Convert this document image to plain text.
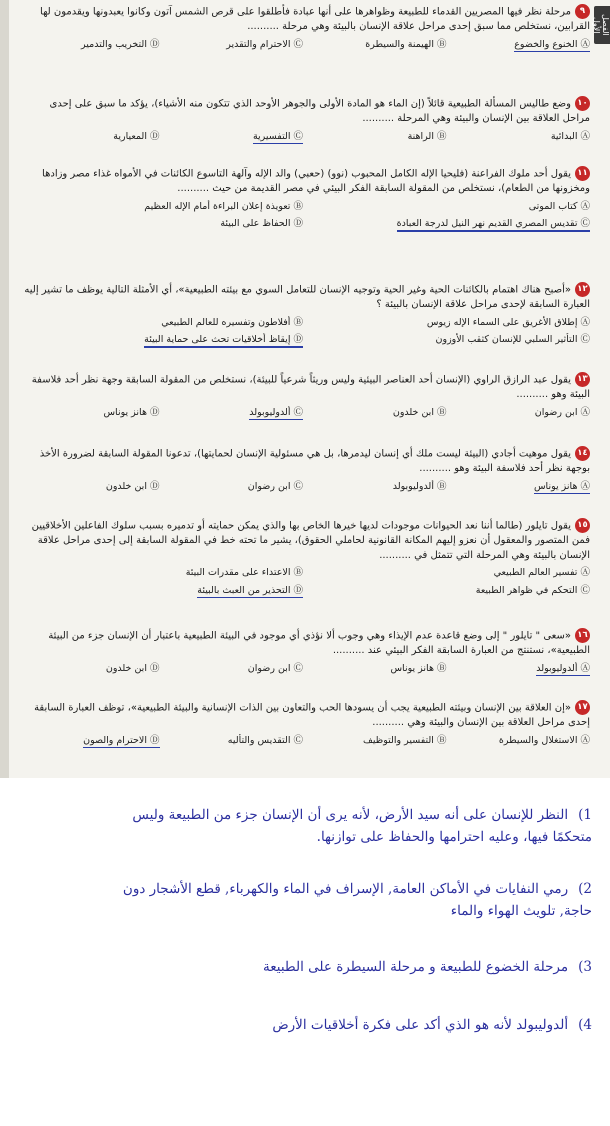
الفصل الأول
٩مرحلة نظر فيها المصريين القدماء للطبيعة وظواهرها على أنها عبادة فأطلقوا على قرص الشمس آتون وكانوا يعبدونها ويقدمون لها القرابين، نستخلص مما سبق إحدى مراحل علاقة الإنسان بالبيئة وهي مرحلة ..........
Ⓐ الخنوع والخضوع
Ⓑ الهيمنة والسيطرة
Ⓒ الاحترام والتقدير
Ⓓ التخريب والتدمير
١٠وضع طاليس المسألة الطبيعية قائلاً (إن الماء هو المادة الأولى والجوهر الأوحد الذي تتكون منه الأشياء)، يؤكد ما سبق على إحدى مراحل العلاقة بين الإنسان والبيئة وهي المرحلة ..........
Ⓐ البدائية
Ⓑ الراهنة
Ⓒ التفسيرية
Ⓓ المعيارية
١١يقول أحد ملوك الفراعنة (فليحيا الإله الكامل المحبوب (نوو) (حعبي) والد الإله وآلهة التاسوع الكائنات في الأمواه غذاء مصر وزادها ومخزونها من الطعام)، نستخلص من المقولة السابقة الفكر البيئي في مصر القديمة من حيث ..........
Ⓐ كتاب الموتى
Ⓑ تعويذة إعلان البراءة أمام الإله العظيم
Ⓒ تقديس المصري القديم نهر النيل لدرجة العبادة
Ⓓ الحفاظ على البيئة
١٢«أصبح هناك اهتمام بالكائنات الحية وغير الحية وتوجيه الإنسان للتعامل السوي مع بيئته الطبيعية»، أي الأمثلة التالية يوظف ما تشير إليه العبارة السابقة لإحدى مراحل علاقة الإنسان بالبيئة ؟
Ⓐ إطلاق الأغريق على السماء الإله زيوس
Ⓑ أفلاطون وتفسيره للعالم الطبيعي
Ⓒ التأثير السلبي للإنسان كثقب الأوزون
Ⓓ إيقاظ أخلاقيات تحث على حماية البيئة
١٣يقول عبد الرازق الراوي (الإنسان أحد العناصر البيئية وليس وريثاً شرعياً للبيئة)، نستخلص من المقولة السابقة وجهة نظر أحد فلاسفة البيئة وهو ..........
Ⓐ ابن رضوان
Ⓑ ابن خلدون
Ⓒ ألدوليوبولد
Ⓓ هانز يوناس
١٤يقول موهيت أجادي (البيئة ليست ملك أي إنسان ليدمرها، بل هي مسئولية الإنسان لحمايتها)، تدعونا المقولة السابقة لضرورة الأخذ بوجهة نظر أحد فلاسفة البيئة وهو ..........
Ⓐ هانز يوناس
Ⓑ ألدوليوبولد
Ⓒ ابن رضوان
Ⓓ ابن خلدون
١٥يقول تايلور (طالما أننا نعد الحيوانات موجودات لديها خيرها الخاص بها والذي يمكن حمايته أو تدميره بسبب سلوك الفاعلين الأخلاقيين فمن المتصور والمعقول أن نعزو إليهم المكانة القانونية لحاملي الحقوق)، يشير ما تحته خط في المقولة السابقة إلى إحدى مراحل علاقة الإنسان بالبيئة وهي المرحلة التي تتمثل في ..........
Ⓐ تفسير العالم الطبيعي
Ⓑ الاعتداء على مقدرات البيئة
Ⓒ التحكم في ظواهر الطبيعة
Ⓓ التحذير من العبث بالبيئة
١٦«سعى " تايلور " إلى وضع قاعدة عدم الإيذاء وهي وجوب ألا نؤذي أي موجود في البيئة الطبيعية باعتبار أن الإنسان جزء من البيئة الطبيعية»، نستنتج من العبارة السابقة الفكر البيئي عند ..........
Ⓐ ألدوليوبولد
Ⓑ هانز يوناس
Ⓒ ابن رضوان
Ⓓ ابن خلدون
١٧«إن العلاقة بين الإنسان وبيئته الطبيعية يجب أن يسودها الحب والتعاون بين الذات الإنسانية والبيئة الطبيعية»، توظف العبارة السابقة إحدى مراحل العلاقة بين الإنسان والبيئة وهي ..........
Ⓐ الاستغلال والسيطرة
Ⓑ التفسير والتوظيف
Ⓒ التقديس والتأليه
Ⓓ الاحترام والصون
1)النظر للإنسان على أنه سيد الأرض، لأنه يرى أن الإنسان جزء من الطبيعة وليس متحكمًا فيها، وعليه احترامها والحفاظ على توازنها.
2)رمي النفايات في الأماكن العامة, الإسراف في الماء والكهرباء, قطع الأشجار دون حاجة, تلويث الهواء والماء
3)مرحلة الخضوع للطبيعة و مرحلة السيطرة على الطبيعة
4)ألدوليبولد لأنه هو الذي أكد على فكرة أخلاقيات الأرض
